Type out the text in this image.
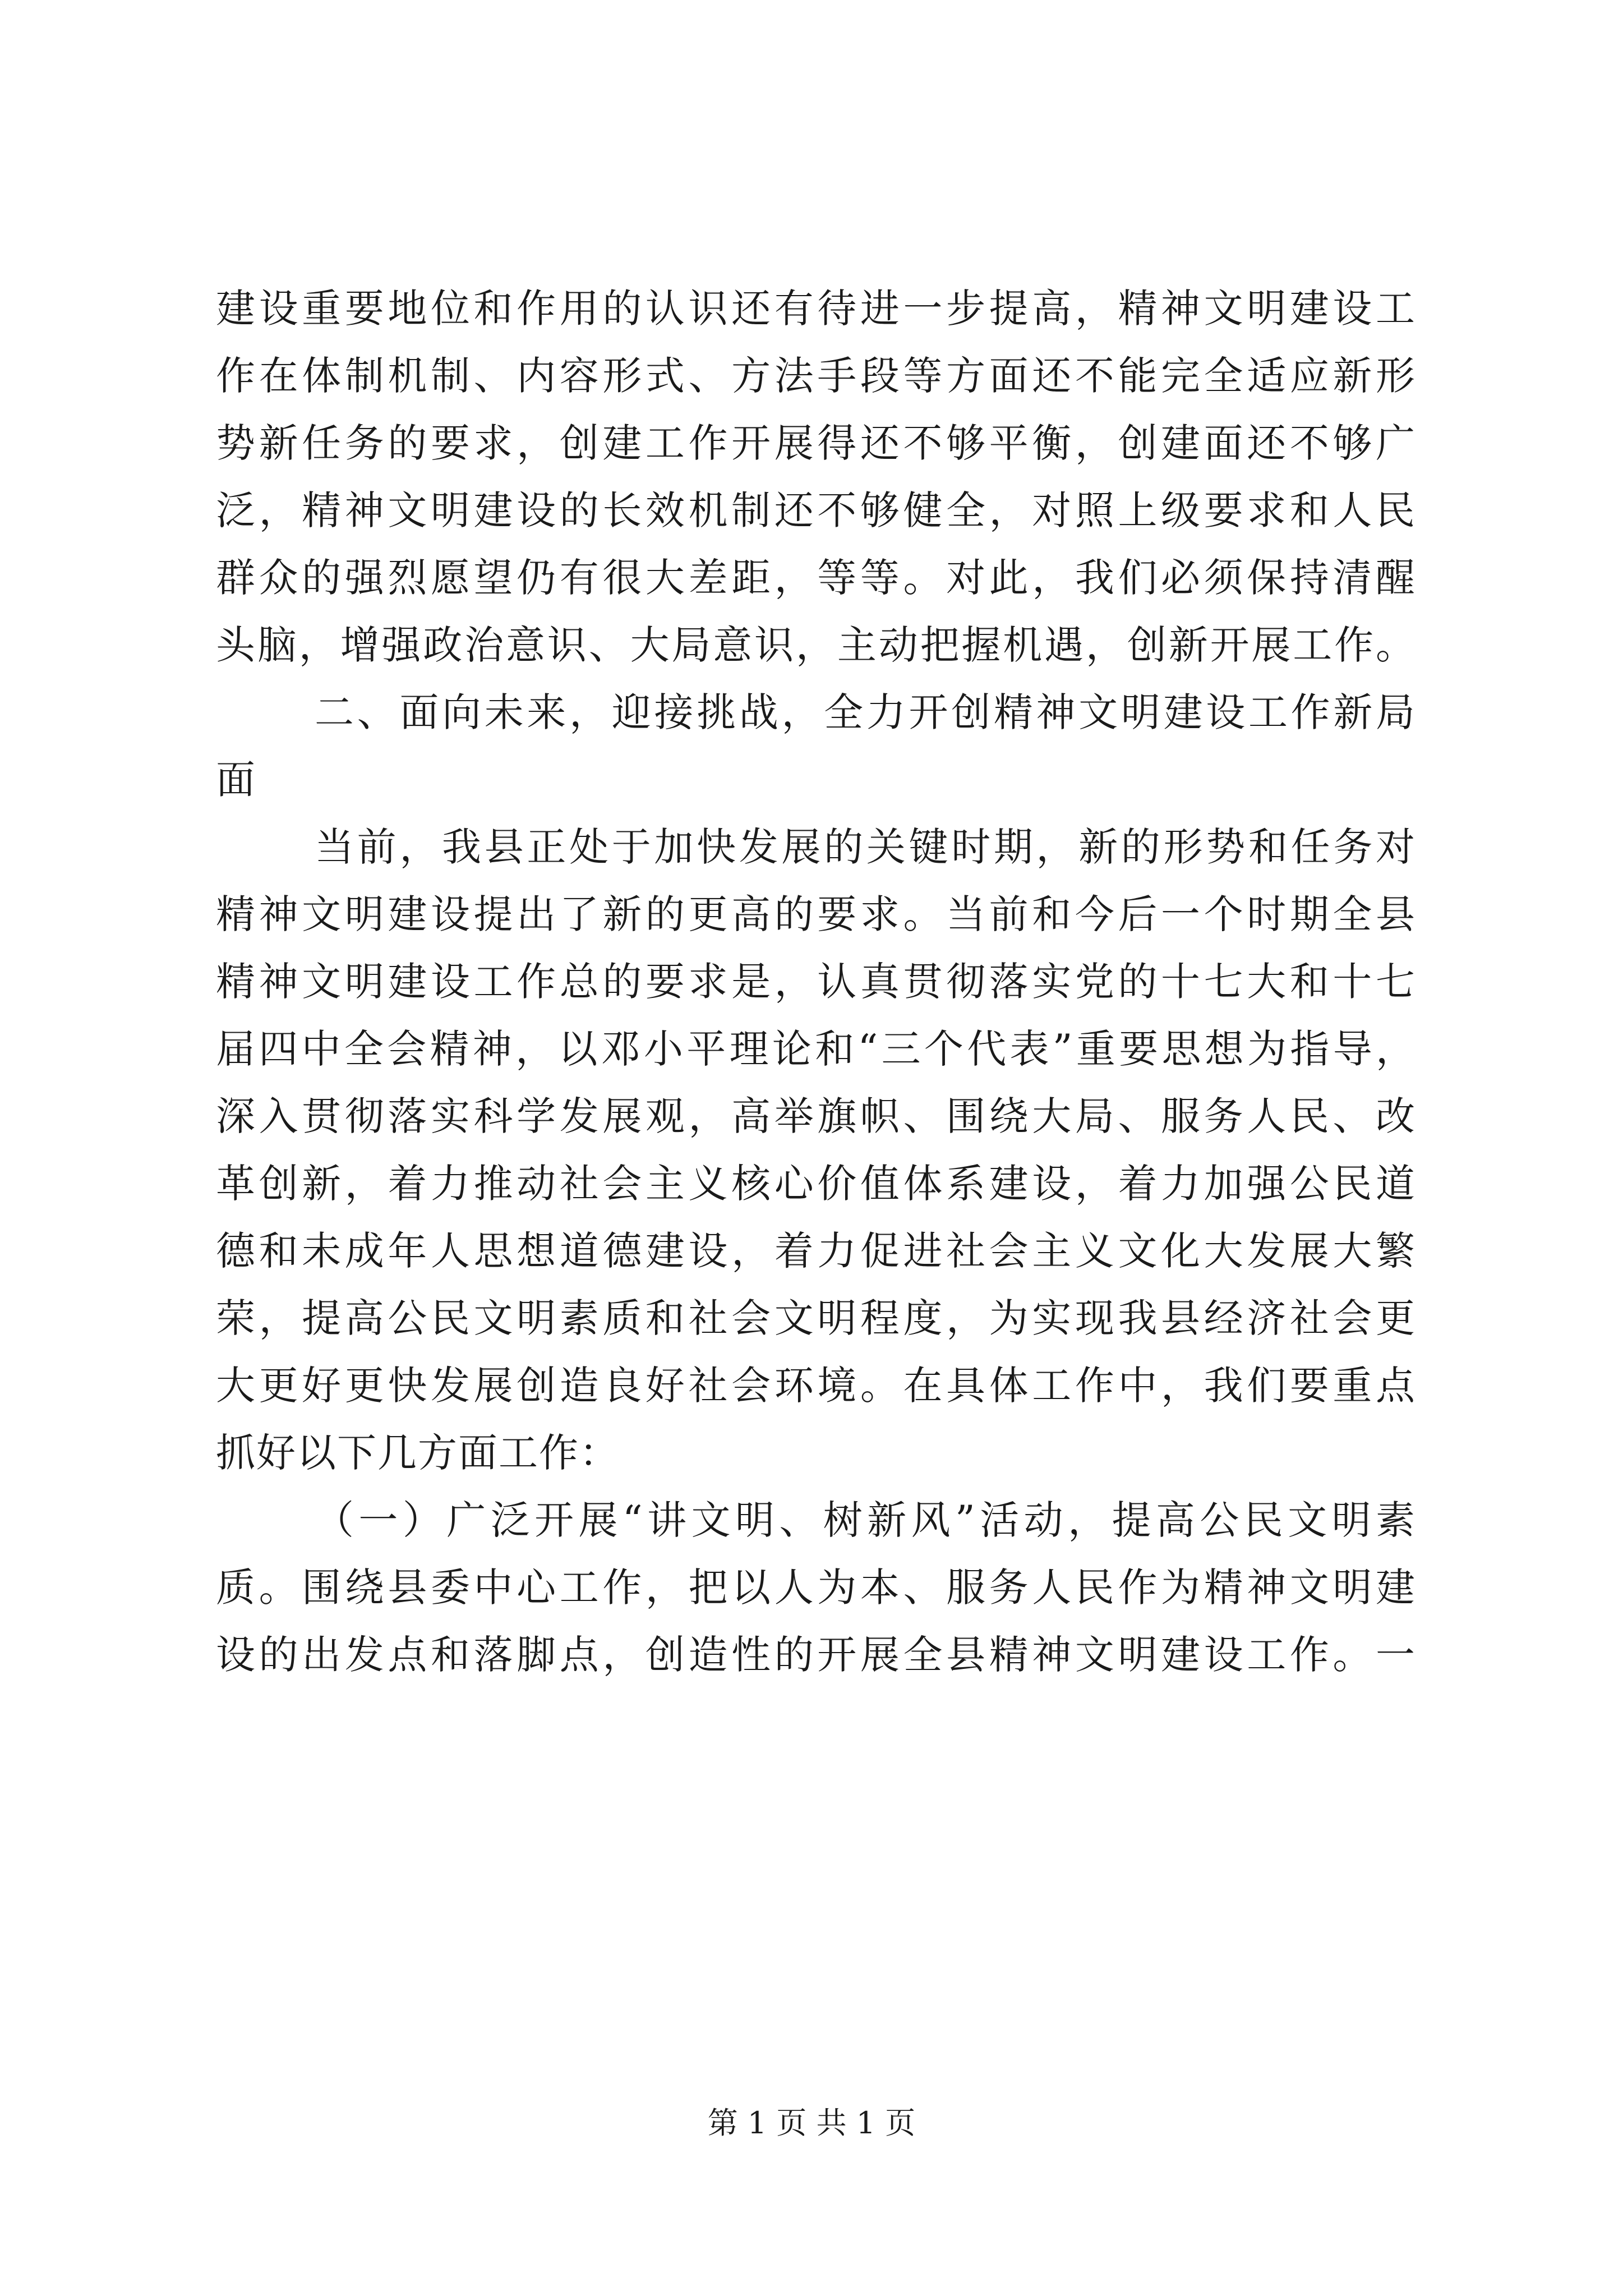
建设重要地位和作用的认识还有待进一步提高，精神文明建设工
作在体制机制、内容形式、方法手段等方面还不能完全适应新形
势新任务的要求，创建工作开展得还不够平衡，创建面还不够广
泛，精神文明建设的长效机制还不够健全，对照上级要求和人民
群众的强烈愿望仍有很大差距，等等。对此，我们必须保持清醒
头脑，增强政治意识、大局意识，主动把握机遇，创新开展工作。
二、面向未来，迎接挑战，全力开创精神文明建设工作新局
面
当前，我县正处于加快发展的关键时期，新的形势和任务对
精神文明建设提出了新的更高的要求。当前和今后一个时期全县
精神文明建设工作总的要求是，认真贯彻落实党的十七大和十七
届四中全会精神，以邓小平理论和“三个代表”重要思想为指导，
深入贯彻落实科学发展观，高举旗帜、围绕大局、服务人民、改
革创新，着力推动社会主义核心价值体系建设，着力加强公民道
德和未成年人思想道德建设，着力促进社会主义文化大发展大繁
荣，提高公民文明素质和社会文明程度，为实现我县经济社会更
大更好更快发展创造良好社会环境。在具体工作中，我们要重点
抓好以下几方面工作：
（一）广泛开展“讲文明、树新风”活动，提高公民文明素
质。围绕县委中心工作，把以人为本、服务人民作为精神文明建
设的出发点和落脚点，创造性的开展全县精神文明建设工作。一
第 1 页 共 1 页
